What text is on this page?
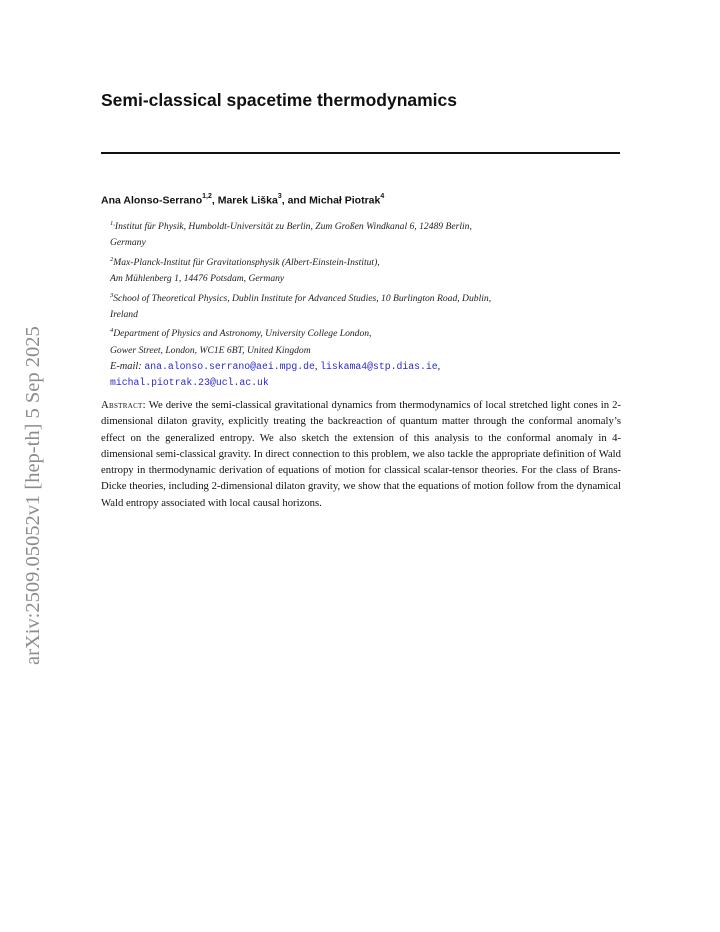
arXiv:2509.05052v1 [hep-th] 5 Sep 2025
Semi-classical spacetime thermodynamics
Ana Alonso-Serrano$^{1,2}$, Marek Liška$^3$, and Michał Piotrak$^4$

$^{1,}$Institut für Physik, Humboldt-Universität zu Berlin, Zum Großen Windkanal 6, 12489 Berlin,
Germany

$^2$Max-Planck-Institut für Gravitationsphysik (Albert-Einstein-Institut),
Am Mühlenberg 1, 14476 Potsdam, Germany

$^3$School of Theoretical Physics, Dublin Institute for Advanced Studies, 10 Burlington Road, Dublin,
Ireland

$^4$Department of Physics and Astronomy, University College London,
Gower Street, London, WC1E 6BT, United Kingdom

E-mail: ana.alonso.serrano@aei.mpg.de, liskama4@stp.dias.ie,
michal.piotrak.23@ucl.ac.uk

Abstract: We derive the semi-classical gravitational dynamics from thermodynamics of local stretched light cones in 2-dimensional dilaton gravity, explicitly treating the backreaction of quantum matter through the conformal anomaly’s effect on the generalized entropy. We also sketch the extension of this analysis to the conformal anomaly in 4-dimensional semi-classical gravity. In direct connection to this problem, we also tackle the appropriate definition of Wald entropy in thermodynamic derivation of equations of motion for classical scalar-tensor theories. For the class of Brans-Dicke theories, including 2-dimensional dilaton gravity, we show that the equations of motion follow from the dynamical Wald entropy associated with local causal horizons.
